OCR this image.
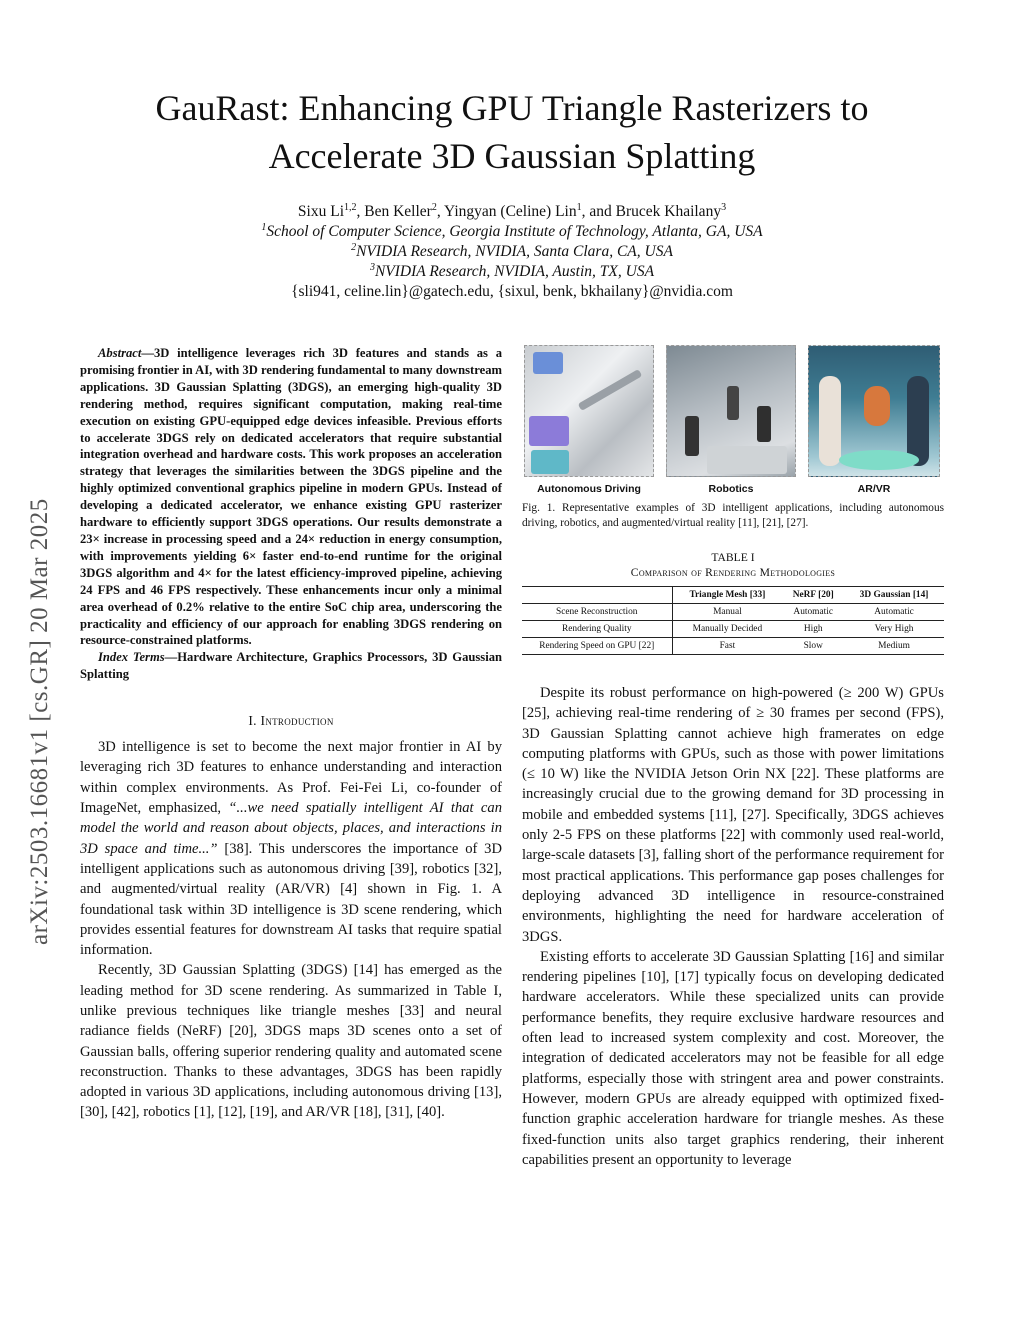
arXiv:2503.16681v1 [cs.GR] 20 Mar 2025
GauRast: Enhancing GPU Triangle Rasterizers to
Accelerate 3D Gaussian Splatting
Sixu Li$^{1,2}$, Ben Keller$^2$, Yingyan (Celine) Lin$^1$, and Brucek Khailany$^3$
$^1$School of Computer Science, Georgia Institute of Technology, Atlanta, GA, USA
$^2$NVIDIA Research, NVIDIA, Santa Clara, CA, USA
$^3$NVIDIA Research, NVIDIA, Austin, TX, USA
{sli941, celine.lin}@gatech.edu, {sixul, benk, bkhailany}@nvidia.com

Abstract—3D intelligence leverages rich 3D features and stands as a promising frontier in AI, with 3D rendering fundamental to many downstream applications. 3D Gaussian Splatting (3DGS), an emerging high-quality 3D rendering method, requires significant computation, making real-time execution on existing GPU-equipped edge devices infeasible. Previous efforts to accelerate 3DGS rely on dedicated accelerators that require substantial integration overhead and hardware costs. This work proposes an acceleration strategy that leverages the similarities between the 3DGS pipeline and the highly optimized conventional graphics pipeline in modern GPUs. Instead of developing a dedicated accelerator, we enhance existing GPU rasterizer hardware to efficiently support 3DGS operations. Our results demonstrate a 23× increase in processing speed and a 24× reduction in energy consumption, with improvements yielding 6× faster end-to-end runtime for the original 3DGS algorithm and 4× for the latest efficiency-improved pipeline, achieving 24 FPS and 46 FPS respectively. These enhancements incur only a minimal area overhead of 0.2% relative to the entire SoC chip area, underscoring the practicality and efficiency of our approach for enabling 3DGS rendering on resource-constrained platforms.

Index Terms—Hardware Architecture, Graphics Processors, 3D Gaussian Splatting

I. Introduction

3D intelligence is set to become the next major frontier in AI by leveraging rich 3D features to enhance understanding and interaction within complex environments. As Prof. Fei-Fei Li, co-founder of ImageNet, emphasized, “...we need spatially intelligent AI that can model the world and reason about objects, places, and interactions in 3D space and time...” [38]. This underscores the importance of 3D intelligent applications such as autonomous driving [39], robotics [32], and augmented/virtual reality (AR/VR) [4] shown in Fig. 1. A foundational task within 3D intelligence is 3D scene rendering, which provides essential features for downstream AI tasks that require spatial information.

Recently, 3D Gaussian Splatting (3DGS) [14] has emerged as the leading method for 3D scene rendering. As summarized in Table I, unlike previous techniques like triangle meshes [33] and neural radiance fields (NeRF) [20], 3DGS maps 3D scenes onto a set of Gaussian balls, offering superior rendering quality and automated scene reconstruction. Thanks to these advantages, 3DGS has been rapidly adopted in various 3D applications, including autonomous driving [13], [30], [42], robotics [1], [12], [19], and AR/VR [18], [31], [40].

Autonomous Driving	Robotics	AR/VR

Fig. 1. Representative examples of 3D intelligent applications, including autonomous driving, robotics, and augmented/virtual reality [11], [21], [27].

TABLE I
Comparison of Rendering Methodologies
	Triangle Mesh [33]	NeRF [20]	3D Gaussian [14]
Scene Reconstruction	Manual	Automatic	Automatic
Rendering Quality	Manually Decided	High	Very High
Rendering Speed on GPU [22]	Fast	Slow	Medium

Despite its robust performance on high-powered (≥ 200 W) GPUs [25], achieving real-time rendering of ≥ 30 frames per second (FPS), 3D Gaussian Splatting cannot achieve high framerates on edge computing platforms with GPUs, such as those with power limitations (≤ 10 W) like the NVIDIA Jetson Orin NX [22]. These platforms are increasingly crucial due to the growing demand for 3D processing in mobile and embedded systems [11], [27]. Specifically, 3DGS achieves only 2-5 FPS on these platforms [22] with commonly used real-world, large-scale datasets [3], falling short of the performance requirement for most practical applications. This performance gap poses challenges for deploying advanced 3D intelligence in resource-constrained environments, highlighting the need for hardware acceleration of 3DGS.

Existing efforts to accelerate 3D Gaussian Splatting [16] and similar rendering pipelines [10], [17] typically focus on developing dedicated hardware accelerators. While these specialized units can provide performance benefits, they require exclusive hardware resources and often lead to increased system complexity and cost. Moreover, the integration of dedicated accelerators may not be feasible for all edge platforms, especially those with stringent area and power constraints. However, modern GPUs are already equipped with optimized fixed-function graphic acceleration hardware for triangle meshes. As these fixed-function units also target graphics rendering, their inherent capabilities present an opportunity to leverage
